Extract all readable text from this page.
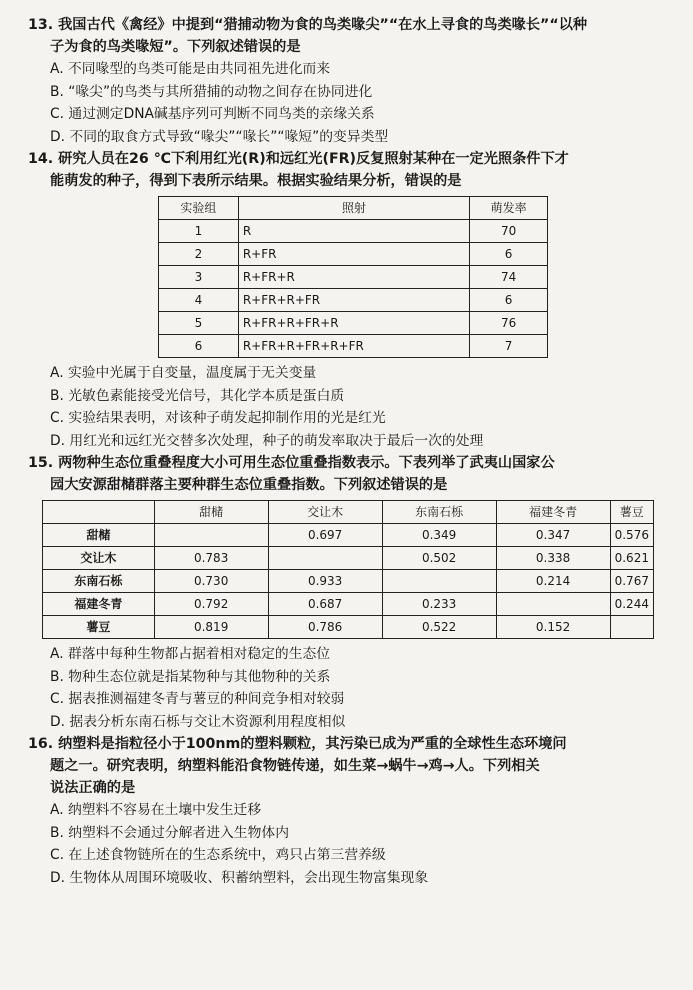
13. 我国古代《禽经》中提到“猎捕动物为食的鸟类喙尖”“在水上寻食的鸟类喙长”“以种
子为食的鸟类喙短”。下列叙述错误的是
A. 不同喙型的鸟类可能是由共同祖先进化而来
B. “喙尖”的鸟类与其所猎捕的动物之间存在协同进化
C. 通过测定DNA碱基序列可判断不同鸟类的亲缘关系
D. 不同的取食方式导致“喙尖”“喙长”“喙短”的变异类型
14. 研究人员在26 ℃下利用红光(R)和远红光(FR)反复照射某种在一定光照条件下才
能萌发的种子，得到下表所示结果。根据实验结果分析，错误的是
实验组	照射	萌发率
1	R	70
2	R+FR	6
3	R+FR+R	74
4	R+FR+R+FR	6
5	R+FR+R+FR+R	76
6	R+FR+R+FR+R+FR	7
A. 实验中光属于自变量，温度属于无关变量
B. 光敏色素能接受光信号，其化学本质是蛋白质
C. 实验结果表明，对该种子萌发起抑制作用的光是红光
D. 用红光和远红光交替多次处理，种子的萌发率取决于最后一次的处理
15. 两物种生态位重叠程度大小可用生态位重叠指数表示。下表列举了武夷山国家公
园大安源甜槠群落主要种群生态位重叠指数。下列叙述错误的是
	甜槠	交让木	东南石栎	福建冬青	薯豆
甜槠		0.697	0.349	0.347	0.576
交让木	0.783		0.502	0.338	0.621
东南石栎	0.730	0.933		0.214	0.767
福建冬青	0.792	0.687	0.233		0.244
薯豆	0.819	0.786	0.522	0.152	
A. 群落中每种生物都占据着相对稳定的生态位
B. 物种生态位就是指某物种与其他物种的关系
C. 据表推测福建冬青与薯豆的种间竞争相对较弱
D. 据表分析东南石栎与交让木资源利用程度相似
16. 纳塑料是指粒径小于100nm的塑料颗粒，其污染已成为严重的全球性生态环境问
题之一。研究表明，纳塑料能沿食物链传递，如生菜→蜗牛→鸡→人。下列相关
说法正确的是
A. 纳塑料不容易在土壤中发生迁移
B. 纳塑料不会通过分解者进入生物体内
C. 在上述食物链所在的生态系统中，鸡只占第三营养级
D. 生物体从周围环境吸收、积蓄纳塑料，会出现生物富集现象
